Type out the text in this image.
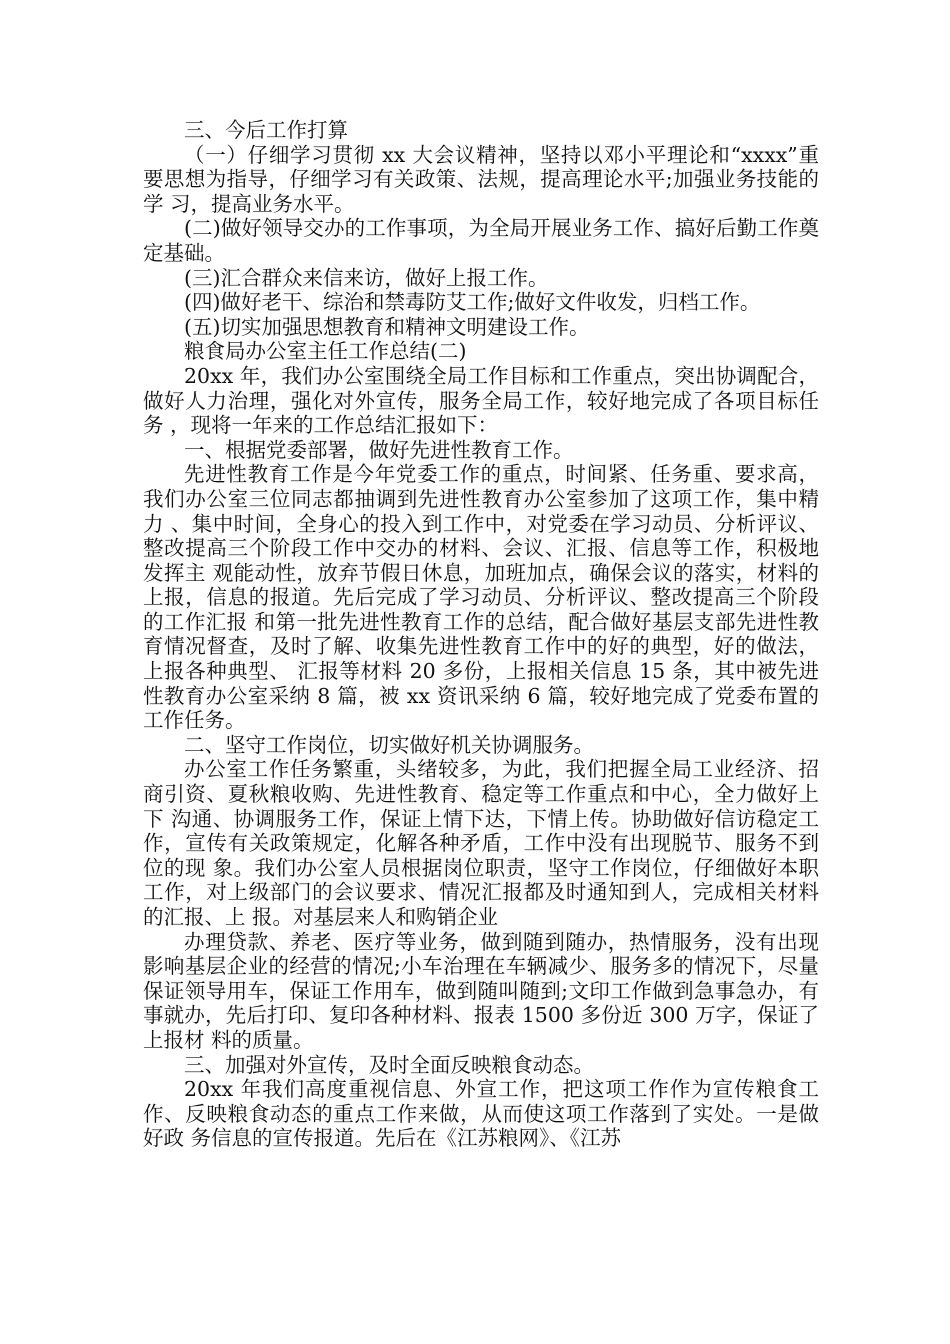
三、今后工作打算

（一）仔细学习贯彻 xx 大会议精神，坚持以邓小平理论和“xxxx”重要思想为指导，仔细学习有关政策、法规，提高理论水平;加强业务技能的学 习，提高业务水平。

(二)做好领导交办的工作事项，为全局开展业务工作、搞好后勤工作奠定基础。

(三)汇合群众来信来访，做好上报工作。

(四)做好老干、综治和禁毒防艾工作;做好文件收发，归档工作。

(五)切实加强思想教育和精神文明建设工作。

粮食局办公室主任工作总结(二)

20xx 年，我们办公室围绕全局工作目标和工作重点，突出协调配合，做好人力治理，强化对外宣传，服务全局工作，较好地完成了各项目标任务 ，现将一年来的工作总结汇报如下：

一、根据党委部署，做好先进性教育工作。

先进性教育工作是今年党委工作的重点，时间紧、任务重、要求高，我们办公室三位同志都抽调到先进性教育办公室参加了这项工作，集中精力 、集中时间，全身心的投入到工作中，对党委在学习动员、分析评议、整改提高三个阶段工作中交办的材料、会议、汇报、信息等工作，积极地发挥主 观能动性，放弃节假日休息，加班加点，确保会议的落实，材料的上报，信息的报道。先后完成了学习动员、分析评议、整改提高三个阶段的工作汇报 和第一批先进性教育工作的总结，配合做好基层支部先进性教育情况督查，及时了解、收集先进性教育工作中的好的典型，好的做法，上报各种典型、 汇报等材料 20 多份，上报相关信息 15 条，其中被先进性教育办公室采纳 8 篇，被 xx 资讯采纳 6 篇，较好地完成了党委布置的工作任务。

二、坚守工作岗位，切实做好机关协调服务。

办公室工作任务繁重，头绪较多，为此，我们把握全局工业经济、招商引资、夏秋粮收购、先进性教育、稳定等工作重点和中心，全力做好上下 沟通、协调服务工作，保证上情下达，下情上传。协助做好信访稳定工作，宣传有关政策规定，化解各种矛盾，工作中没有出现脱节、服务不到位的现 象。我们办公室人员根据岗位职责，坚守工作岗位，仔细做好本职工作，对上级部门的会议要求、情况汇报都及时通知到人，完成相关材料的汇报、上 报。对基层来人和购销企业

办理贷款、养老、医疗等业务，做到随到随办，热情服务，没有出现影响基层企业的经营的情况;小车治理在车辆减少、服务多的情况下，尽量 保证领导用车，保证工作用车，做到随叫随到;文印工作做到急事急办，有事就办，先后打印、复印各种材料、报表 1500 多份近 300 万字，保证了上报材 料的质量。

三、加强对外宣传，及时全面反映粮食动态。

20xx 年我们高度重视信息、外宣工作，把这项工作作为宣传粮食工作、反映粮食动态的重点工作来做，从而使这项工作落到了实处。一是做好政 务信息的宣传报道。先后在《江苏粮网》、《江苏
